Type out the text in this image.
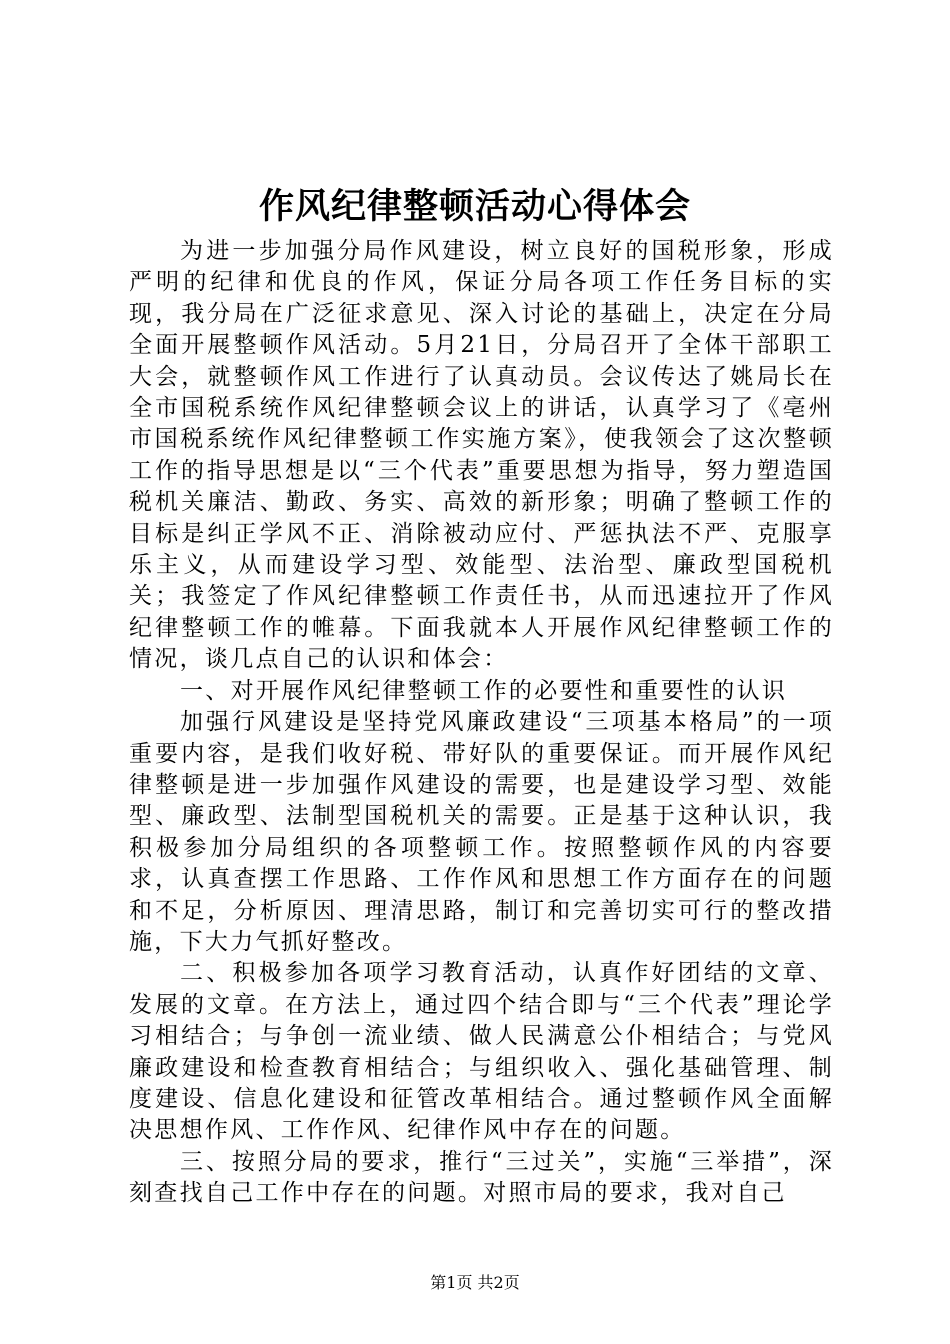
作风纪律整顿活动心得体会

为进一步加强分局作风建设，树立良好的国税形象，形成严明的纪律和优良的作风，保证分局各项工作任务目标的实现，我分局在广泛征求意见、深入讨论的基础上，决定在分局全面开展整顿作风活动。5月21日，分局召开了全体干部职工大会，就整顿作风工作进行了认真动员。会议传达了姚局长在全市国税系统作风纪律整顿会议上的讲话，认真学习了《亳州市国税系统作风纪律整顿工作实施方案》，使我领会了这次整顿工作的指导思想是以“三个代表”重要思想为指导，努力塑造国税机关廉洁、勤政、务实、高效的新形象；明确了整顿工作的目标是纠正学风不正、消除被动应付、严惩执法不严、克服享乐主义，从而建设学习型、效能型、法治型、廉政型国税机关；我签定了作风纪律整顿工作责任书，从而迅速拉开了作风纪律整顿工作的帷幕。下面我就本人开展作风纪律整顿工作的情况，谈几点自己的认识和体会：

一、对开展作风纪律整顿工作的必要性和重要性的认识

加强行风建设是坚持党风廉政建设“三项基本格局”的一项重要内容，是我们收好税、带好队的重要保证。而开展作风纪律整顿是进一步加强作风建设的需要，也是建设学习型、效能型、廉政型、法制型国税机关的需要。正是基于这种认识，我积极参加分局组织的各项整顿工作。按照整顿作风的内容要求，认真查摆工作思路、工作作风和思想工作方面存在的问题和不足，分析原因、理清思路，制订和完善切实可行的整改措施，下大力气抓好整改。

二、积极参加各项学习教育活动，认真作好团结的文章、发展的文章。在方法上，通过四个结合即与“三个代表”理论学习相结合；与争创一流业绩、做人民满意公仆相结合；与党风廉政建设和检查教育相结合；与组织收入、强化基础管理、制度建设、信息化建设和征管改革相结合。通过整顿作风全面解决思想作风、工作作风、纪律作风中存在的问题。

三、按照分局的要求，推行“三过关”，实施“三举措”，深刻查找自己工作中存在的问题。对照市局的要求，我对自己

第1页 共2页
